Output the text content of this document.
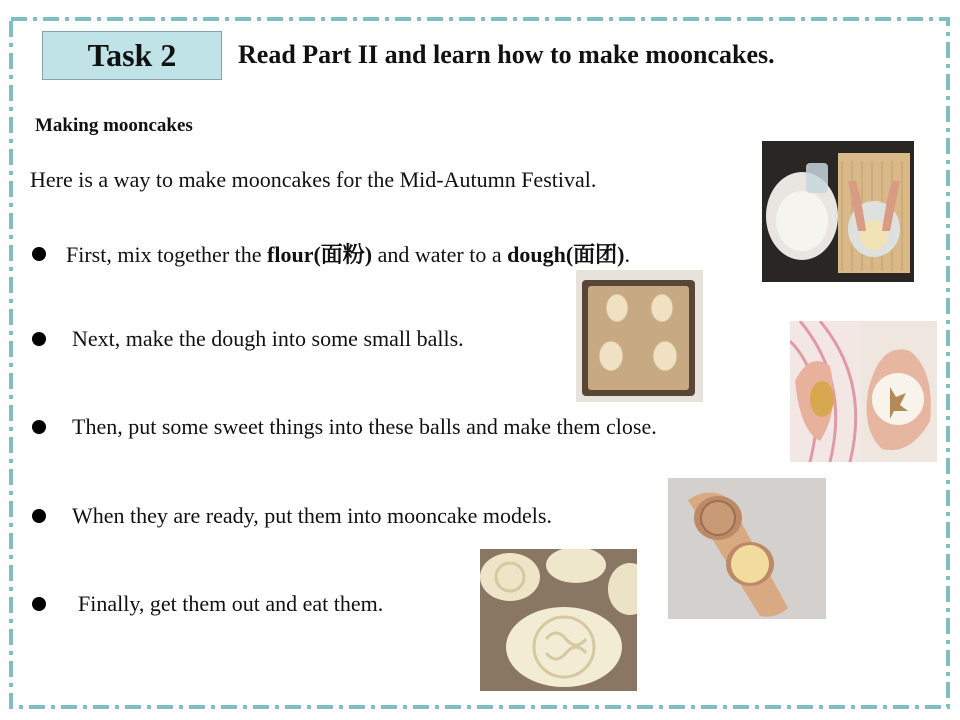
Task 2	Read Part II and learn how to make mooncakes.
Making mooncakes
Here is a way to make mooncakes for the Mid-Autumn Festival.
First, mix together the flour(面粉) and water to a dough(面团).
Next, make the dough into some small balls.
Then, put some sweet things into these balls and make them close.
When they are ready, put them into mooncake models.
Finally, get them out and eat them.
